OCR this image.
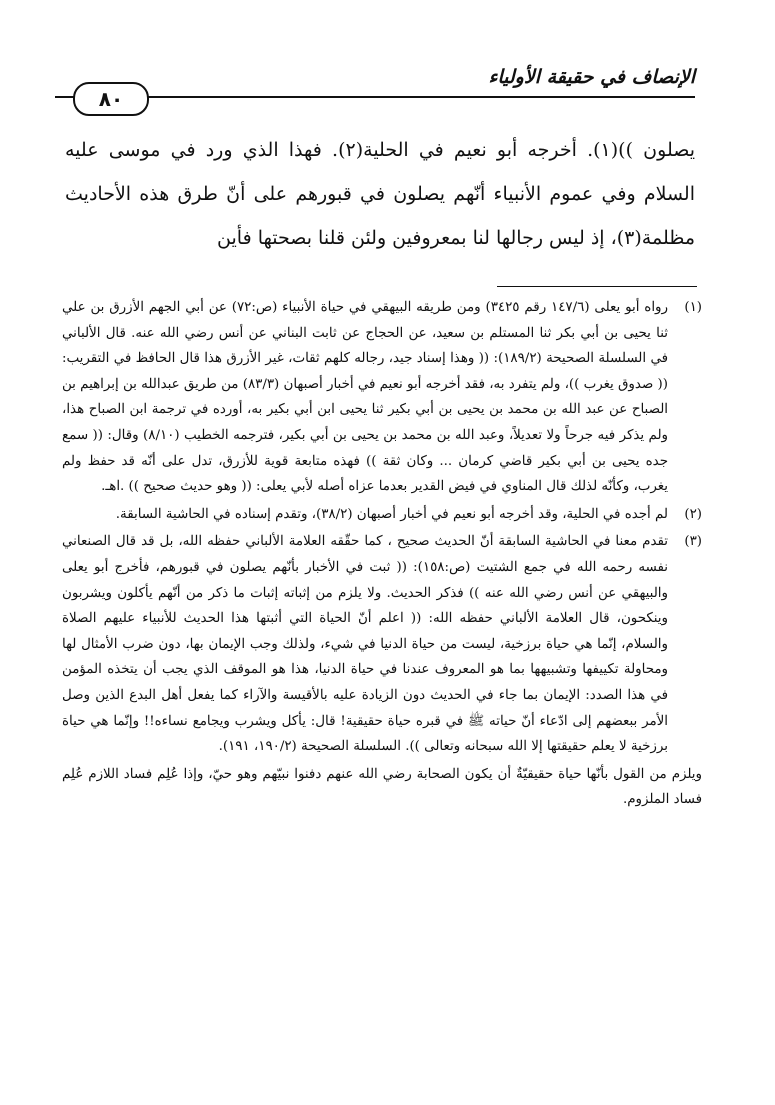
الإنصاف في حقيقة الأولياء
٨٠

يصلون ))(١). أخرجه أبو نعيم في الحلية(٢). فهذا الذي ورد في موسى عليه السلام وفي عموم الأنبياء أنّهم يصلون في قبورهم على أنّ طرق هذه الأحاديث مظلمة(٣)، إذ ليس رجالها لنا بمعروفين ولئن قلنا بصحتها فأين

(١)
رواه أبو يعلى (١٤٧/٦ رقم ٣٤٢٥) ومن طريقه البيهقي في حياة الأنبياء (ص:٧٢) عن أبي الجهم الأزرق بن علي ثنا يحيى بن أبي بكر ثنا المستلم بن سعيد، عن الحجاج عن ثابت البناني عن أنس رضي الله عنه. قال الألباني في السلسلة الصحيحة (١٨٩/٢): (( وهذا إسناد جيد، رجاله كلهم ثقات، غير الأزرق هذا قال الحافظ في التقريب: (( صدوق يغرب ))، ولم يتفرد به، فقد أخرجه أبو نعيم في أخبار أصبهان (٨٣/٣) من طريق عبدالله بن إبراهيم بن الصباح عن عبد الله بن محمد بن يحيى بن أبي بكير ثنا يحيى ابن أبي بكير به، أورده في ترجمة ابن الصباح هذا، ولم يذكر فيه جرحاً ولا تعديلاً، وعبد الله بن محمد بن يحيى بن أبي بكير، فترجمه الخطيب (٨/١٠) وقال: (( سمع جده يحيى بن أبي بكير قاضي كرمان ... وكان ثقة )) فهذه متابعة قوية للأزرق، تدل على أنّه قد حفظ ولم يغرب، وكأنّه لذلك قال المناوي في فيض القدير بعدما عزاه أصله لأبي يعلى: (( وهو حديث صحيح )) .اهـ.
(٢)
لم أجده في الحلية، وقد أخرجه أبو نعيم في أخبار أصبهان (٣٨/٢)، وتقدم إسناده في الحاشية السابقة.
(٣)
تقدم معنا في الحاشية السابقة أنّ الحديث صحيح ، كما حقّقه العلامة الألباني حفظه الله، بل قد قال الصنعاني نفسه رحمه الله في جمع الشتيت (ص:١٥٨): (( ثبت في الأخبار بأنّهم يصلون في قبورهم، فأخرج أبو يعلى والبيهقي عن أنس رضي الله عنه )) فذكر الحديث. ولا يلزم من إثباته إثبات ما ذكر من أنّهم يأكلون ويشربون وينكحون، قال العلامة الألباني حفظه الله: (( اعلم أنّ الحياة التي أثبتها هذا الحديث للأنبياء عليهم الصلاة والسلام، إنّما هي حياة برزخية، ليست من حياة الدنيا في شيء، ولذلك وجب الإيمان بها، دون ضرب الأمثال لها ومحاولة تكييفها وتشبيهها بما هو المعروف عندنا في حياة الدنيا، هذا هو الموقف الذي يجب أن يتخذه المؤمن في هذا الصدد: الإيمان بما جاء في الحديث دون الزيادة عليه بالأقيسة والآراء كما يفعل أهل البدع الذين وصل الأمر ببعضهم إلى ادّعاء أنّ حياته ﷺ في قبره حياة حقيقية! قال: يأكل ويشرب ويجامع نساءه!! وإنّما هي حياة برزخية لا يعلم حقيقتها إلا الله سبحانه وتعالى )). السلسلة الصحيحة (١٩٠/٢، ١٩١).

ويلزم من القول بأنّها حياة حقيقيّةٌ أن يكون الصحابة رضي الله عنهم دفنوا نبيّهم وهو حيّ، وإذا عُلِم فساد اللازم عُلِم فساد الملزوم.
